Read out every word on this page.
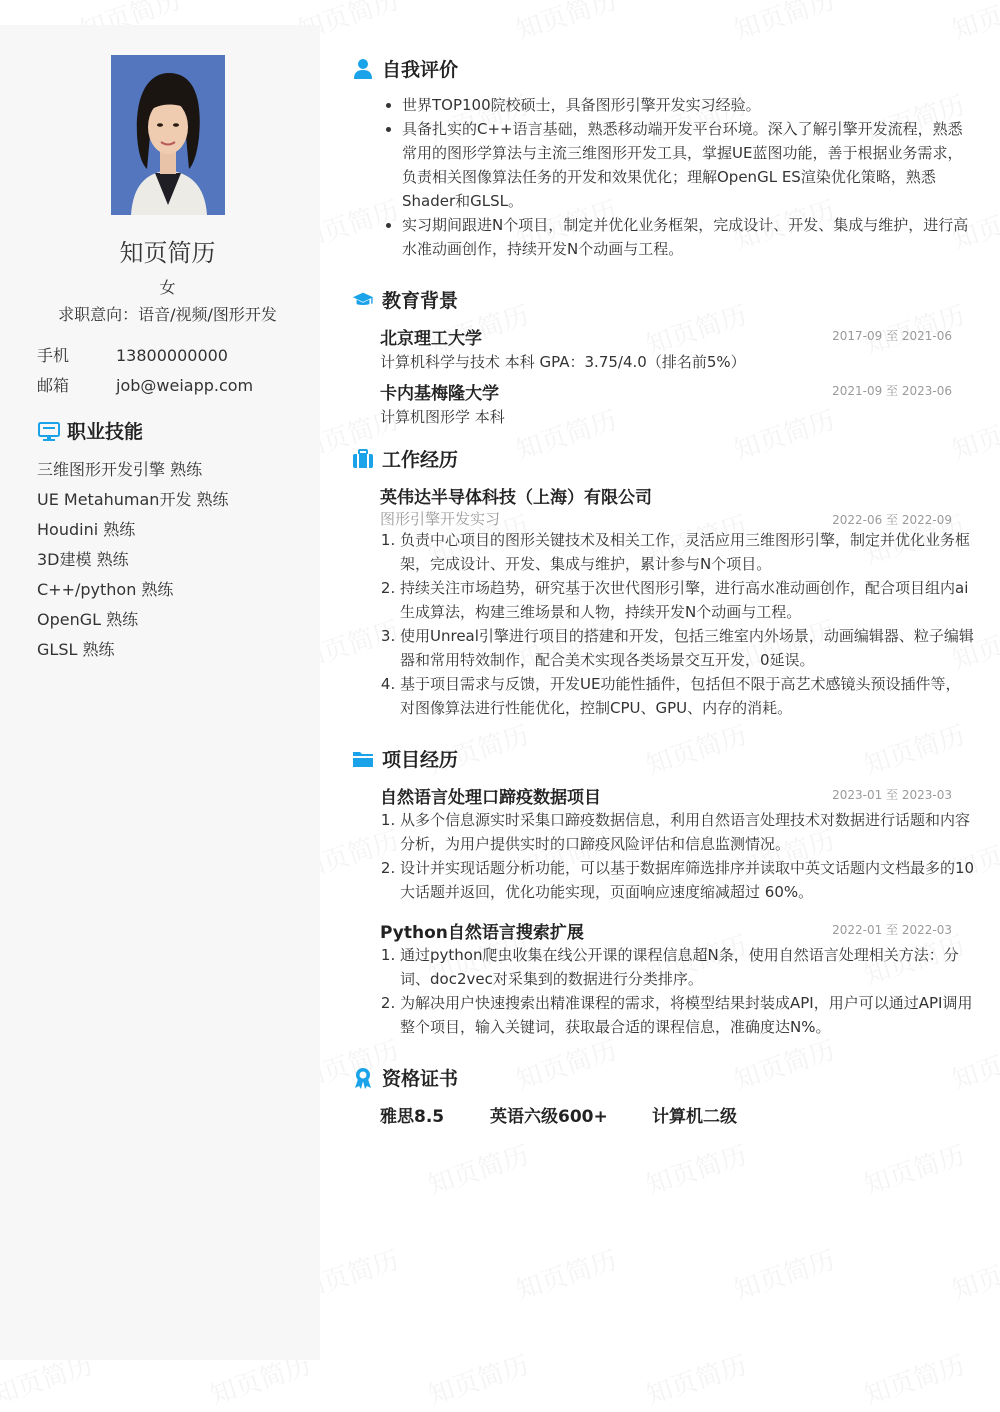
知页简历
女
求职意向：语音/视频/图形开发
手机	13800000000
邮箱	job@weiapp.com
职业技能
三维图形开发引擎 熟练
UE Metahuman开发 熟练
Houdini 熟练
3D建模 熟练
C++/python 熟练
OpenGL 熟练
GLSL 熟练
自我评价
• 世界TOP100院校硕士，具备图形引擎开发实习经验。
• 具备扎实的C++语言基础，熟悉移动端开发平台环境。深入了解引擎开发流程，熟悉常用的图形学算法与主流三维图形开发工具，掌握UE蓝图功能，善于根据业务需求，负责相关图像算法任务的开发和效果优化；理解OpenGL ES渲染优化策略，熟悉Shader和GLSL。
• 实习期间跟进N个项目，制定并优化业务框架，完成设计、开发、集成与维护，进行高水准动画创作，持续开发N个动画与工程。
教育背景
北京理工大学	2017-09 至 2021-06
计算机科学与技术 本科 GPA：3.75/4.0（排名前5%）
卡内基梅隆大学	2021-09 至 2023-06
计算机图形学 本科
工作经历
英伟达半导体科技（上海）有限公司
图形引擎开发实习	2022-06 至 2022-09
1. 负责中心项目的图形关键技术及相关工作，灵活应用三维图形引擎，制定并优化业务框架，完成设计、开发、集成与维护，累计参与N个项目。
2. 持续关注市场趋势，研究基于次世代图形引擎，进行高水准动画创作，配合项目组内ai生成算法，构建三维场景和人物，持续开发N个动画与工程。
3. 使用Unreal引擎进行项目的搭建和开发，包括三维室内外场景，动画编辑器、粒子编辑器和常用特效制作，配合美术实现各类场景交互开发，0延误。
4. 基于项目需求与反馈，开发UE功能性插件，包括但不限于高艺术感镜头预设插件等，对图像算法进行性能优化，控制CPU、GPU、内存的消耗。
项目经历
自然语言处理口蹄疫数据项目	2023-01 至 2023-03
1. 从多个信息源实时采集口蹄疫数据信息，利用自然语言处理技术对数据进行话题和内容分析，为用户提供实时的口蹄疫风险评估和信息监测情况。
2. 设计并实现话题分析功能，可以基于数据库筛选排序并读取中英文话题内文档最多的10大话题并返回，优化功能实现，页面响应速度缩减超过 60%。
Python自然语言搜索扩展	2022-01 至 2022-03
1. 通过python爬虫收集在线公开课的课程信息超N条，使用自然语言处理相关方法：分词、doc2vec对采集到的数据进行分类排序。
2. 为解决用户快速搜索出精准课程的需求，将模型结果封装成API，用户可以通过API调用整个项目，输入关键词，获取最合适的课程信息，准确度达N%。
资格证书
雅思8.5	英语六级600+	计算机二级
